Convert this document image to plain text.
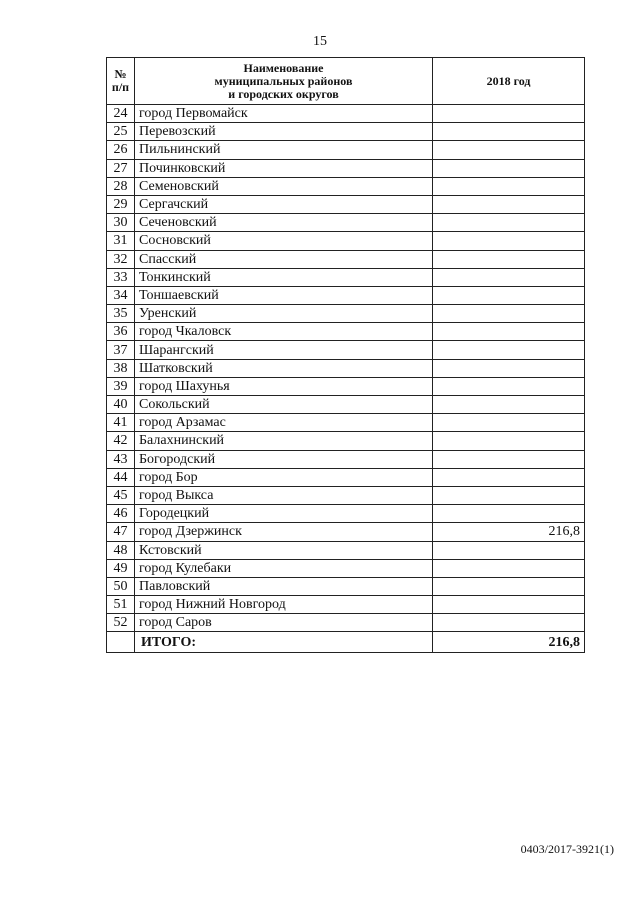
15
№
п/п	Наименование
муниципальных районов
и городских округов	2018 год
24	город Первомайск	
25	Перевозский	
26	Пильнинский	
27	Починковский	
28	Семеновский	
29	Сергачский	
30	Сеченовский	
31	Сосновский	
32	Спасский	
33	Тонкинский	
34	Тоншаевский	
35	Уренский	
36	город Чкаловск	
37	Шарангский	
38	Шатковский	
39	город Шахунья	
40	Сокольский	
41	город Арзамас	
42	Балахнинский	
43	Богородский	
44	город Бор	
45	город Выкса	
46	Городецкий	
47	город Дзержинск	216,8
48	Кстовский	
49	город Кулебаки	
50	Павловский	
51	город Нижний Новгород	
52	город Саров	
	ИТОГО:	216,8
0403/2017-3921(1)
